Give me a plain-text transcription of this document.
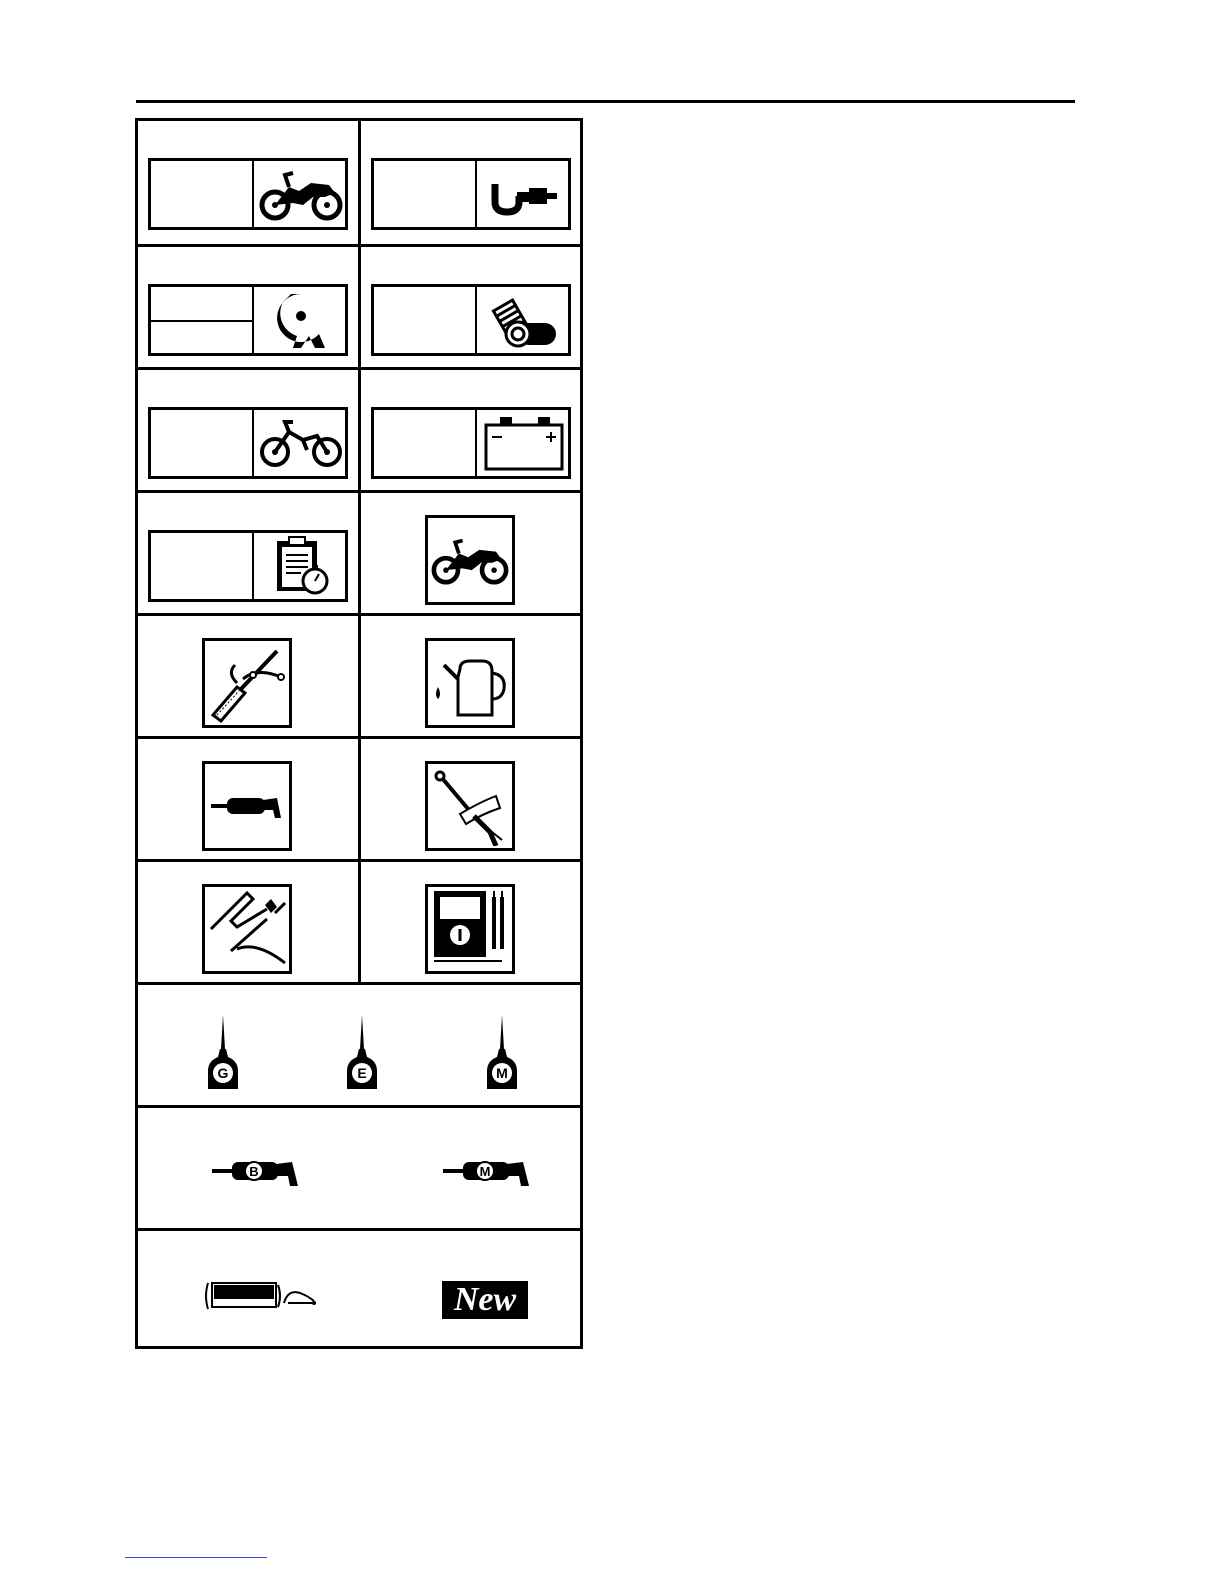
G	E	M
B	M
New
